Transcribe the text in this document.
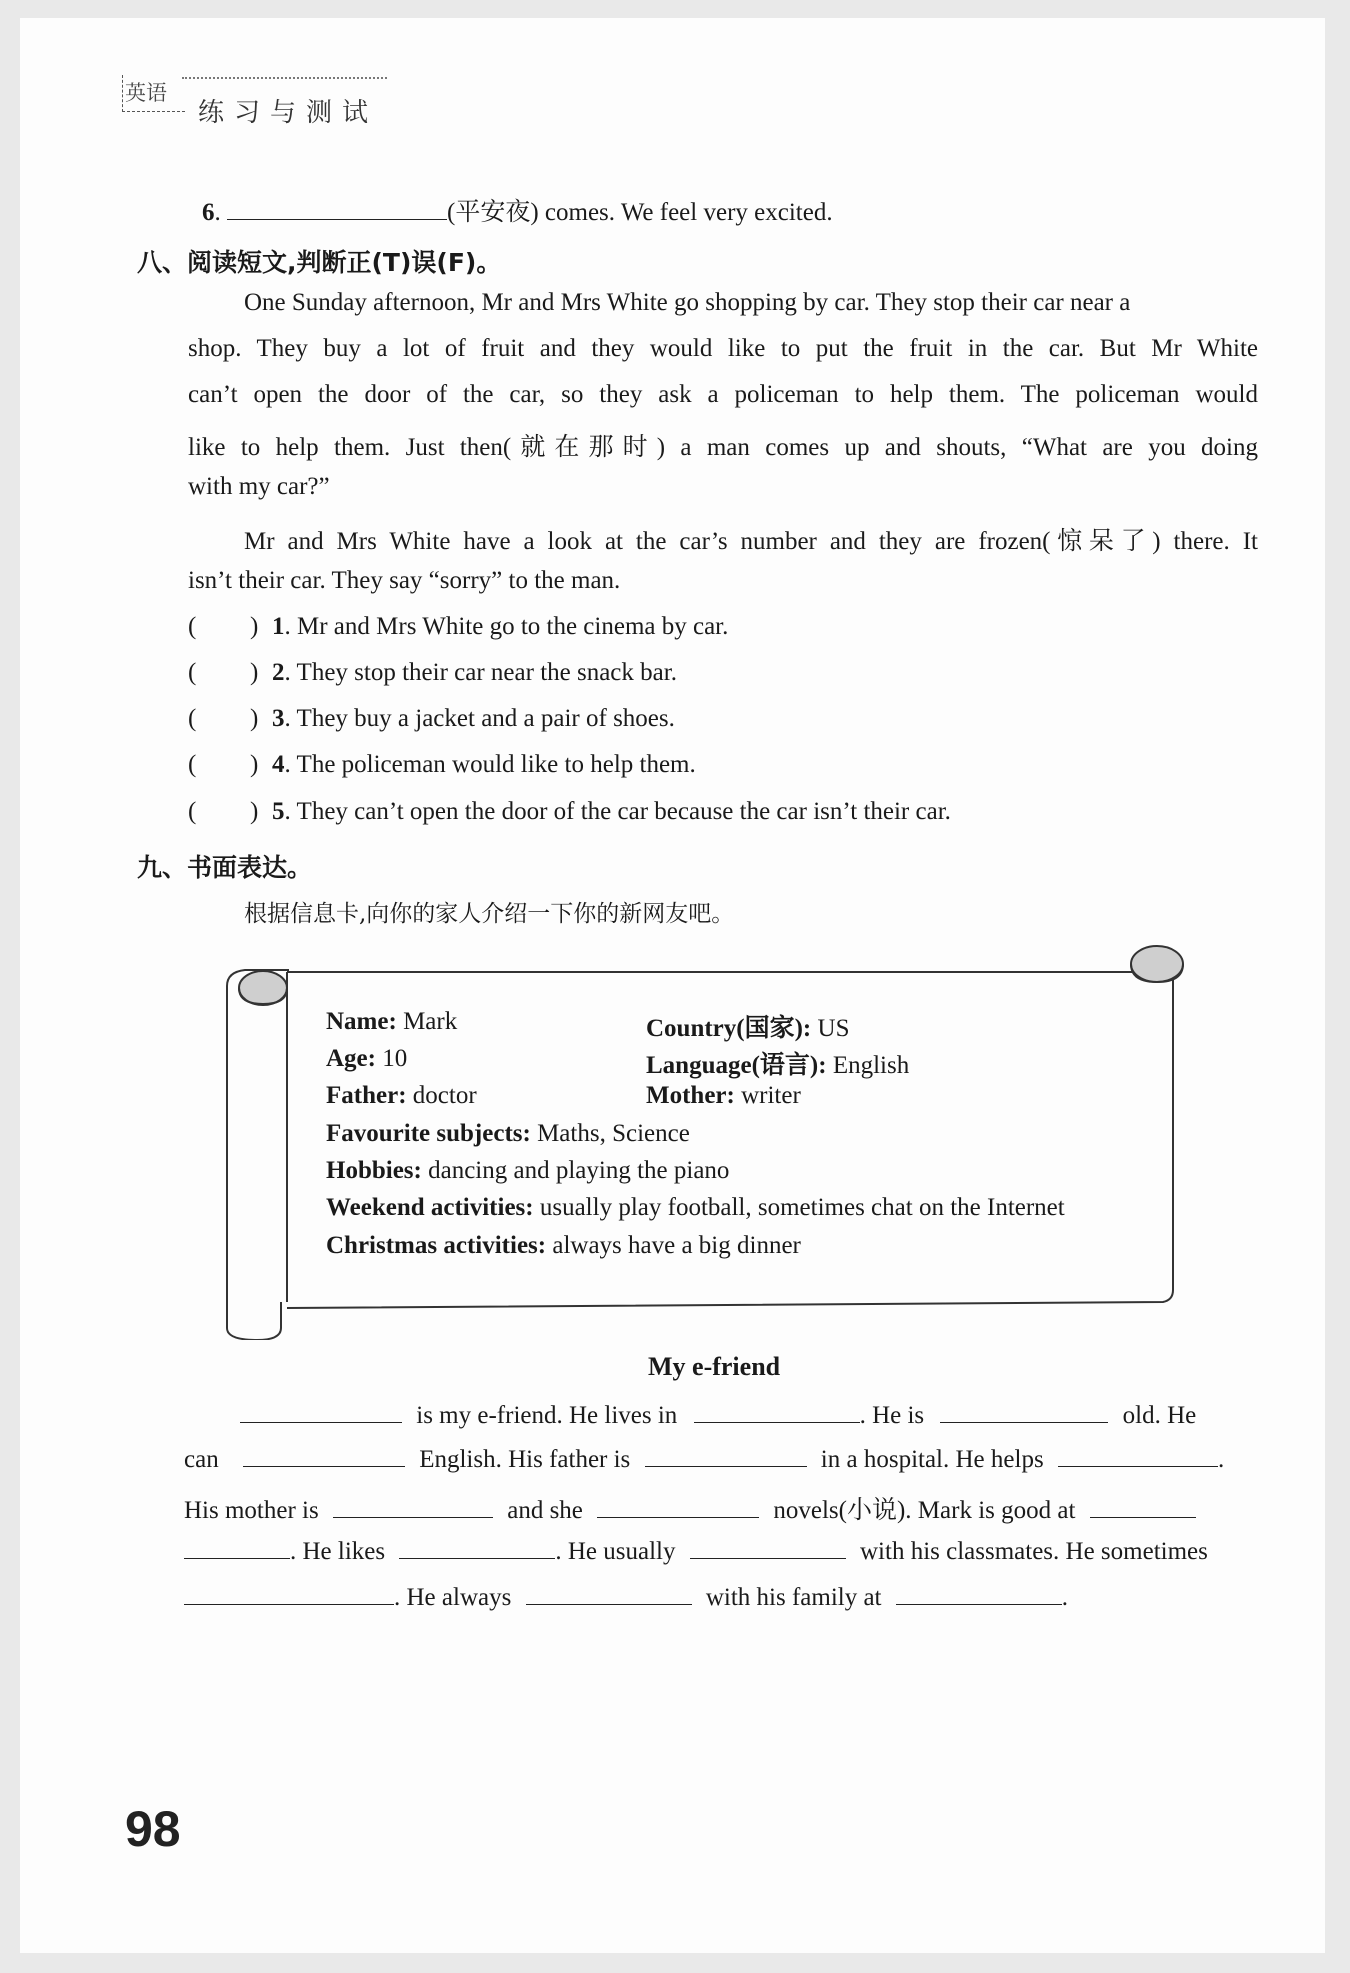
英语
练习与测试
6.	(平安夜) comes. We feel very excited.
八、阅读短文,判断正(T)误(F)。
One Sunday afternoon, Mr and Mrs White go shopping by car. They stop their car near a
shop. They buy a lot of fruit and they would like to put the fruit in the car. But Mr White
can’t open the door of the car, so they ask a policeman to help them. The policeman would
like to help them. Just then(就在那时) a man comes up and shouts, “What are you doing
with my car?”
Mr and Mrs White have a look at the car’s number and they are frozen(惊呆了) there. It
isn’t their car. They say “sorry” to the man.
( ) 1. Mr and Mrs White go to the cinema by car.
( ) 2. They stop their car near the snack bar.
( ) 3. They buy a jacket and a pair of shoes.
( ) 4. The policeman would like to help them.
( ) 5. They can’t open the door of the car because the car isn’t their car.
九、书面表达。
根据信息卡,向你的家人介绍一下你的新网友吧。
Name: Mark	Country(国家): US
Age: 10	Language(语言): English
Father: doctor	Mother: writer
Favourite subjects: Maths, Science
Hobbies: dancing and playing the piano
Weekend activities: usually play football, sometimes chat on the Internet
Christmas activities: always have a big dinner
My e-friend
is my e-friend. He lives in	. He is	old. He
can	English. His father is	in a hospital. He helps	.
His mother is	and she	novels(小说). Mark is good at
. He likes	. He usually	with his classmates. He sometimes
. He always	with his family at	.
98
